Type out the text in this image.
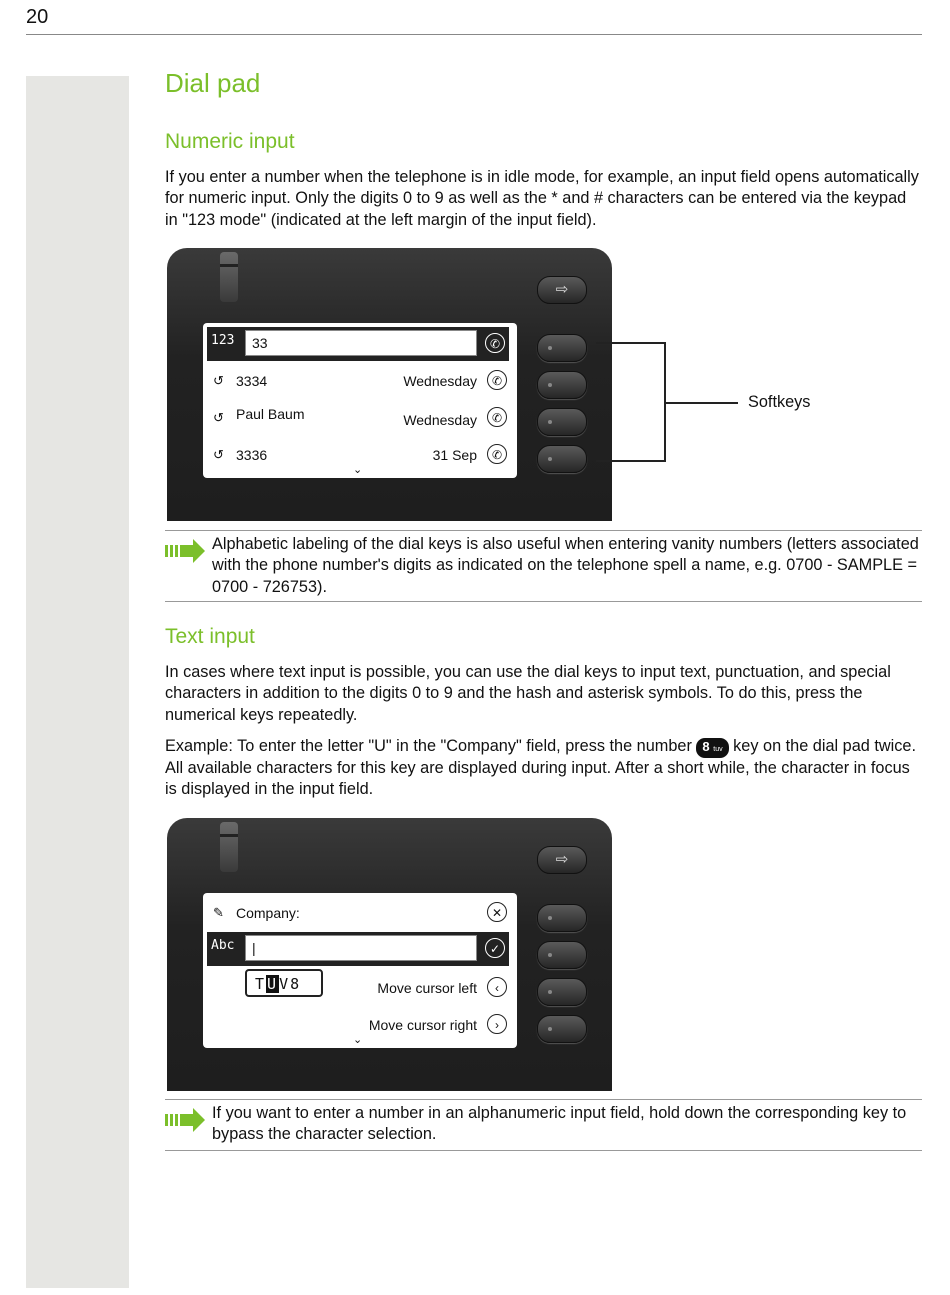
20
Dial pad
Numeric input

If you enter a number when the telephone is in idle mode, for example, an input field opens automatically for numeric input. Only the digits 0 to 9 as well as the * and # characters can be entered via the keypad in "123 mode" (indicated at the left margin of the input field).

⇨
123	33	✆
↺ 3334	Wednesday	✆
↺ Paul Baum	Wednesday	✆
↺ 3336	31 Sep	✆
⌄
Softkeys
Alphabetic labeling of the dial keys is also useful when entering vanity numbers (letters associated with the phone number's digits as indicated on the telephone spell a name, e.g. 0700 - SAMPLE = 0700 - 726753).
Text input

In cases where text input is possible, you can use the dial keys to input text, punctuation, and special characters in addition to the digits 0 to 9 and the hash and asterisk symbols. To do this, press the numerical keys repeatedly.

Example: To enter the letter "U" in the "Company" field, press the number 8 tuv key on the dial pad twice. All available characters for this key are displayed during input. After a short while, the character in focus is displayed in the input field.

⇨
✎ Company:	✕
Abc	|	✓
TUV8	Move cursor left	‹
Move cursor right	›
⌄
If you want to enter a number in an alphanumeric input field, hold down the corresponding key to bypass the character selection.
